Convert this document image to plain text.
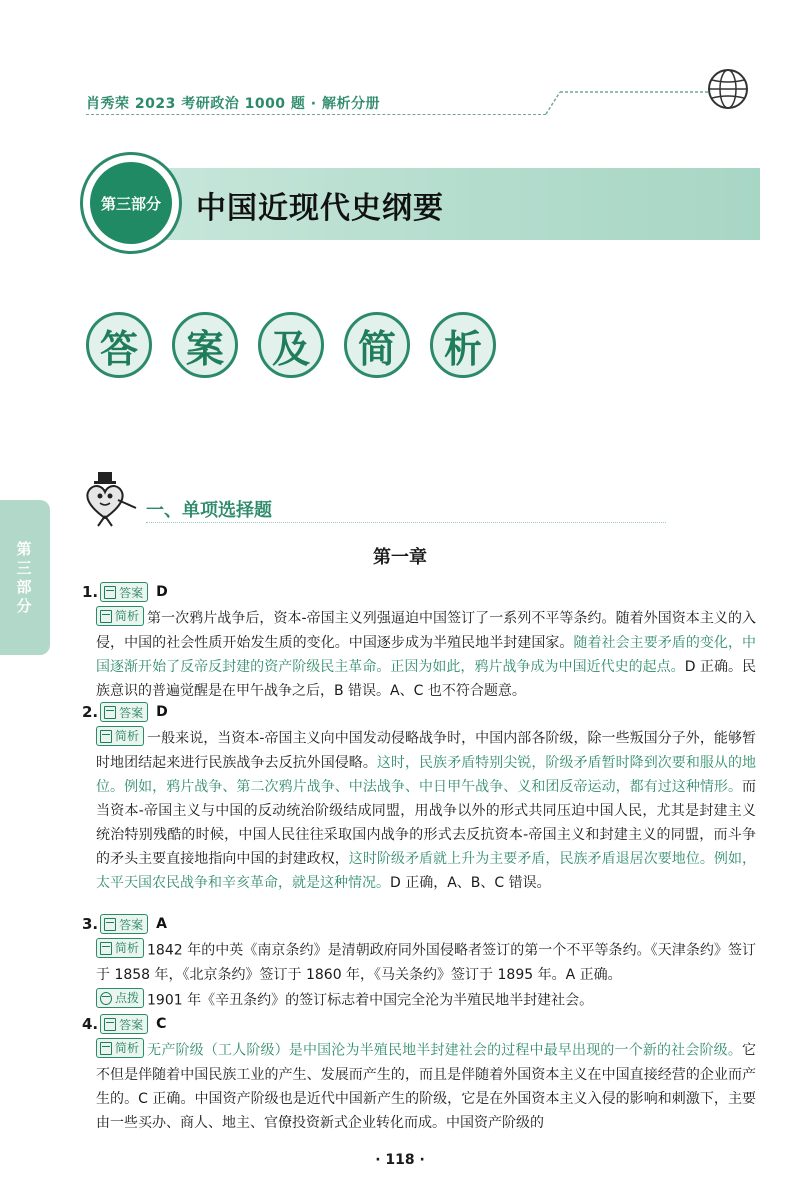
肖秀荣 2023 考研政治 1000 题 · 解析分册
中国近现代史纲要
第三部分
答	案	及	简	析
一、单项选择题
第三部分
第一章
1. 答案 D
简析 第一次鸦片战争后，资本-帝国主义列强逼迫中国签订了一系列不平等条约。随着外国资本主义的入侵，中国的社会性质开始发生质的变化。中国逐步成为半殖民地半封建国家。随着社会主要矛盾的变化，中国逐渐开始了反帝反封建的资产阶级民主革命。正因为如此，鸦片战争成为中国近代史的起点。D 正确。民族意识的普遍觉醒是在甲午战争之后，B 错误。A、C 也不符合题意。
2. 答案 D
简析 一般来说，当资本-帝国主义向中国发动侵略战争时，中国内部各阶级，除一些叛国分子外，能够暂时地团结起来进行民族战争去反抗外国侵略。这时，民族矛盾特别尖锐，阶级矛盾暂时降到次要和服从的地位。例如，鸦片战争、第二次鸦片战争、中法战争、中日甲午战争、义和团反帝运动，都有过这种情形。而当资本-帝国主义与中国的反动统治阶级结成同盟，用战争以外的形式共同压迫中国人民，尤其是封建主义统治特别残酷的时候，中国人民往往采取国内战争的形式去反抗资本-帝国主义和封建主义的同盟，而斗争的矛头主要直接地指向中国的封建政权，这时阶级矛盾就上升为主要矛盾，民族矛盾退居次要地位。例如，太平天国农民战争和辛亥革命，就是这种情况。D 正确，A、B、C 错误。
3. 答案 A
简析 1842 年的中英《南京条约》是清朝政府同外国侵略者签订的第一个不平等条约。《天津条约》签订于 1858 年，《北京条约》签订于 1860 年，《马关条约》签订于 1895 年。A 正确。
点拨 1901 年《辛丑条约》的签订标志着中国完全沦为半殖民地半封建社会。
4. 答案 C
简析 无产阶级（工人阶级）是中国沦为半殖民地半封建社会的过程中最早出现的一个新的社会阶级。它不但是伴随着中国民族工业的产生、发展而产生的，而且是伴随着外国资本主义在中国直接经营的企业而产生的。C 正确。中国资产阶级也是近代中国新产生的阶级，它是在外国资本主义入侵的影响和刺激下，主要由一些买办、商人、地主、官僚投资新式企业转化而成。中国资产阶级的
· 118 ·
